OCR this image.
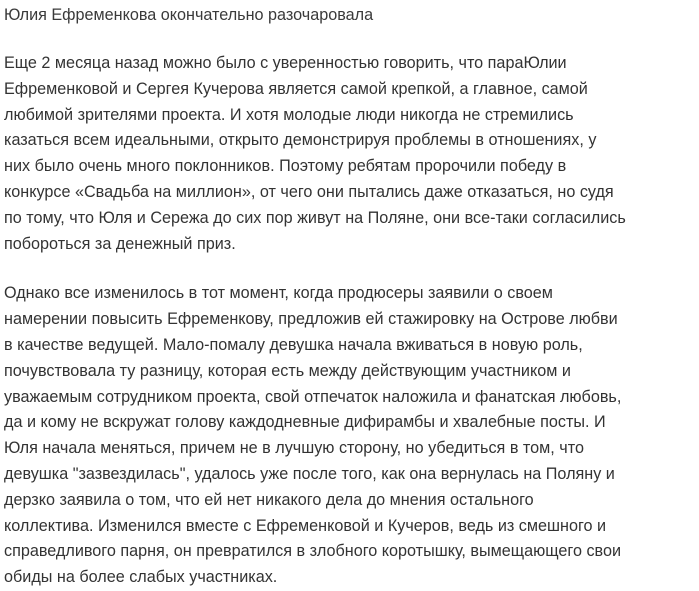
Юлия Ефременкова окончательно разочаровала

Еще 2 месяца назад можно было с уверенностью говорить, что параЮлии
Ефременковой и Сергея Кучерова является самой крепкой, а главное, самой
любимой зрителями проекта. И хотя молодые люди никогда не стремились
казаться всем идеальными, открыто демонстрируя проблемы в отношениях, у
них было очень много поклонников. Поэтому ребятам пророчили победу в
конкурсе «Свадьба на миллион», от чего они пытались даже отказаться, но судя
по тому, что Юля и Сережа до сих пор живут на Поляне, они все-таки согласились
побороться за денежный приз.

Однако все изменилось в тот момент, когда продюсеры заявили о своем
намерении повысить Ефременкову, предложив ей стажировку на Острове любви
в качестве ведущей. Мало-помалу девушка начала вживаться в новую роль,
почувствовала ту разницу, которая есть между действующим участником и
уважаемым сотрудником проекта, свой отпечаток наложила и фанатская любовь,
да и кому не вскружат голову каждодневные дифирамбы и хвалебные посты. И
Юля начала меняться, причем не в лучшую сторону, но убедиться в том, что
девушка "зазвездилась", удалось уже после того, как она вернулась на Поляну и
дерзко заявила о том, что ей нет никакого дела до мнения остального
коллектива. Изменился вместе с Ефременковой и Кучеров, ведь из смешного и
справедливого парня, он превратился в злобного коротышку, вымещающего свои
обиды на более слабых участниках.
